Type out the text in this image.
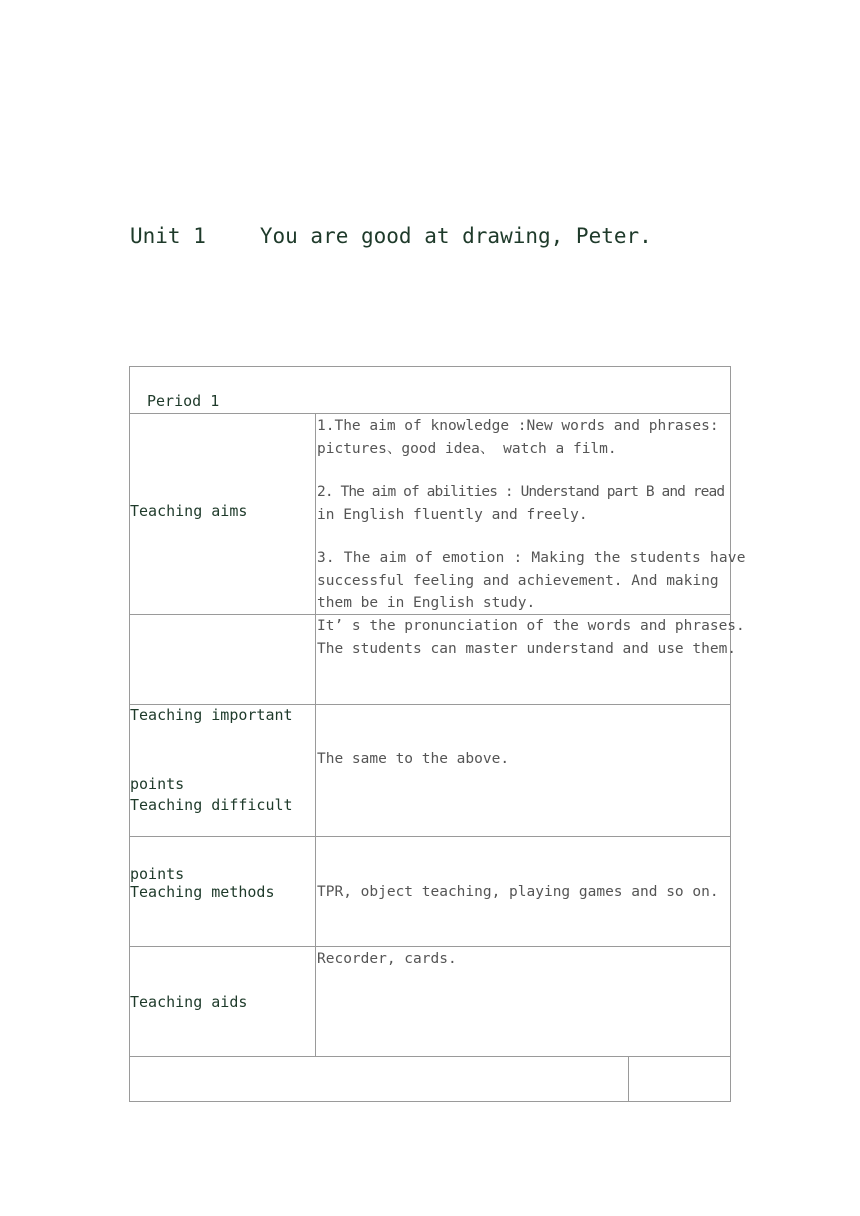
Unit 1	You are good at drawing, Peter.
Period 1
Teaching aims

1.The aim of knowledge :New words and phrases:

pictures、good idea、 watch a film.

2. The aim of abilities : Understand part B and read

in English fluently and freely.

3. The aim of emotion : Making the students have

successful feeling and achievement. And making

them be in English study.

Teaching important

points

It’ s the pronunciation of the words and phrases.

The students can master understand and use them.

Teaching difficult

points

The same to the above.
Teaching methods	TPR, object teaching, playing games and so on.
Teaching aids
Recorder, cards.
